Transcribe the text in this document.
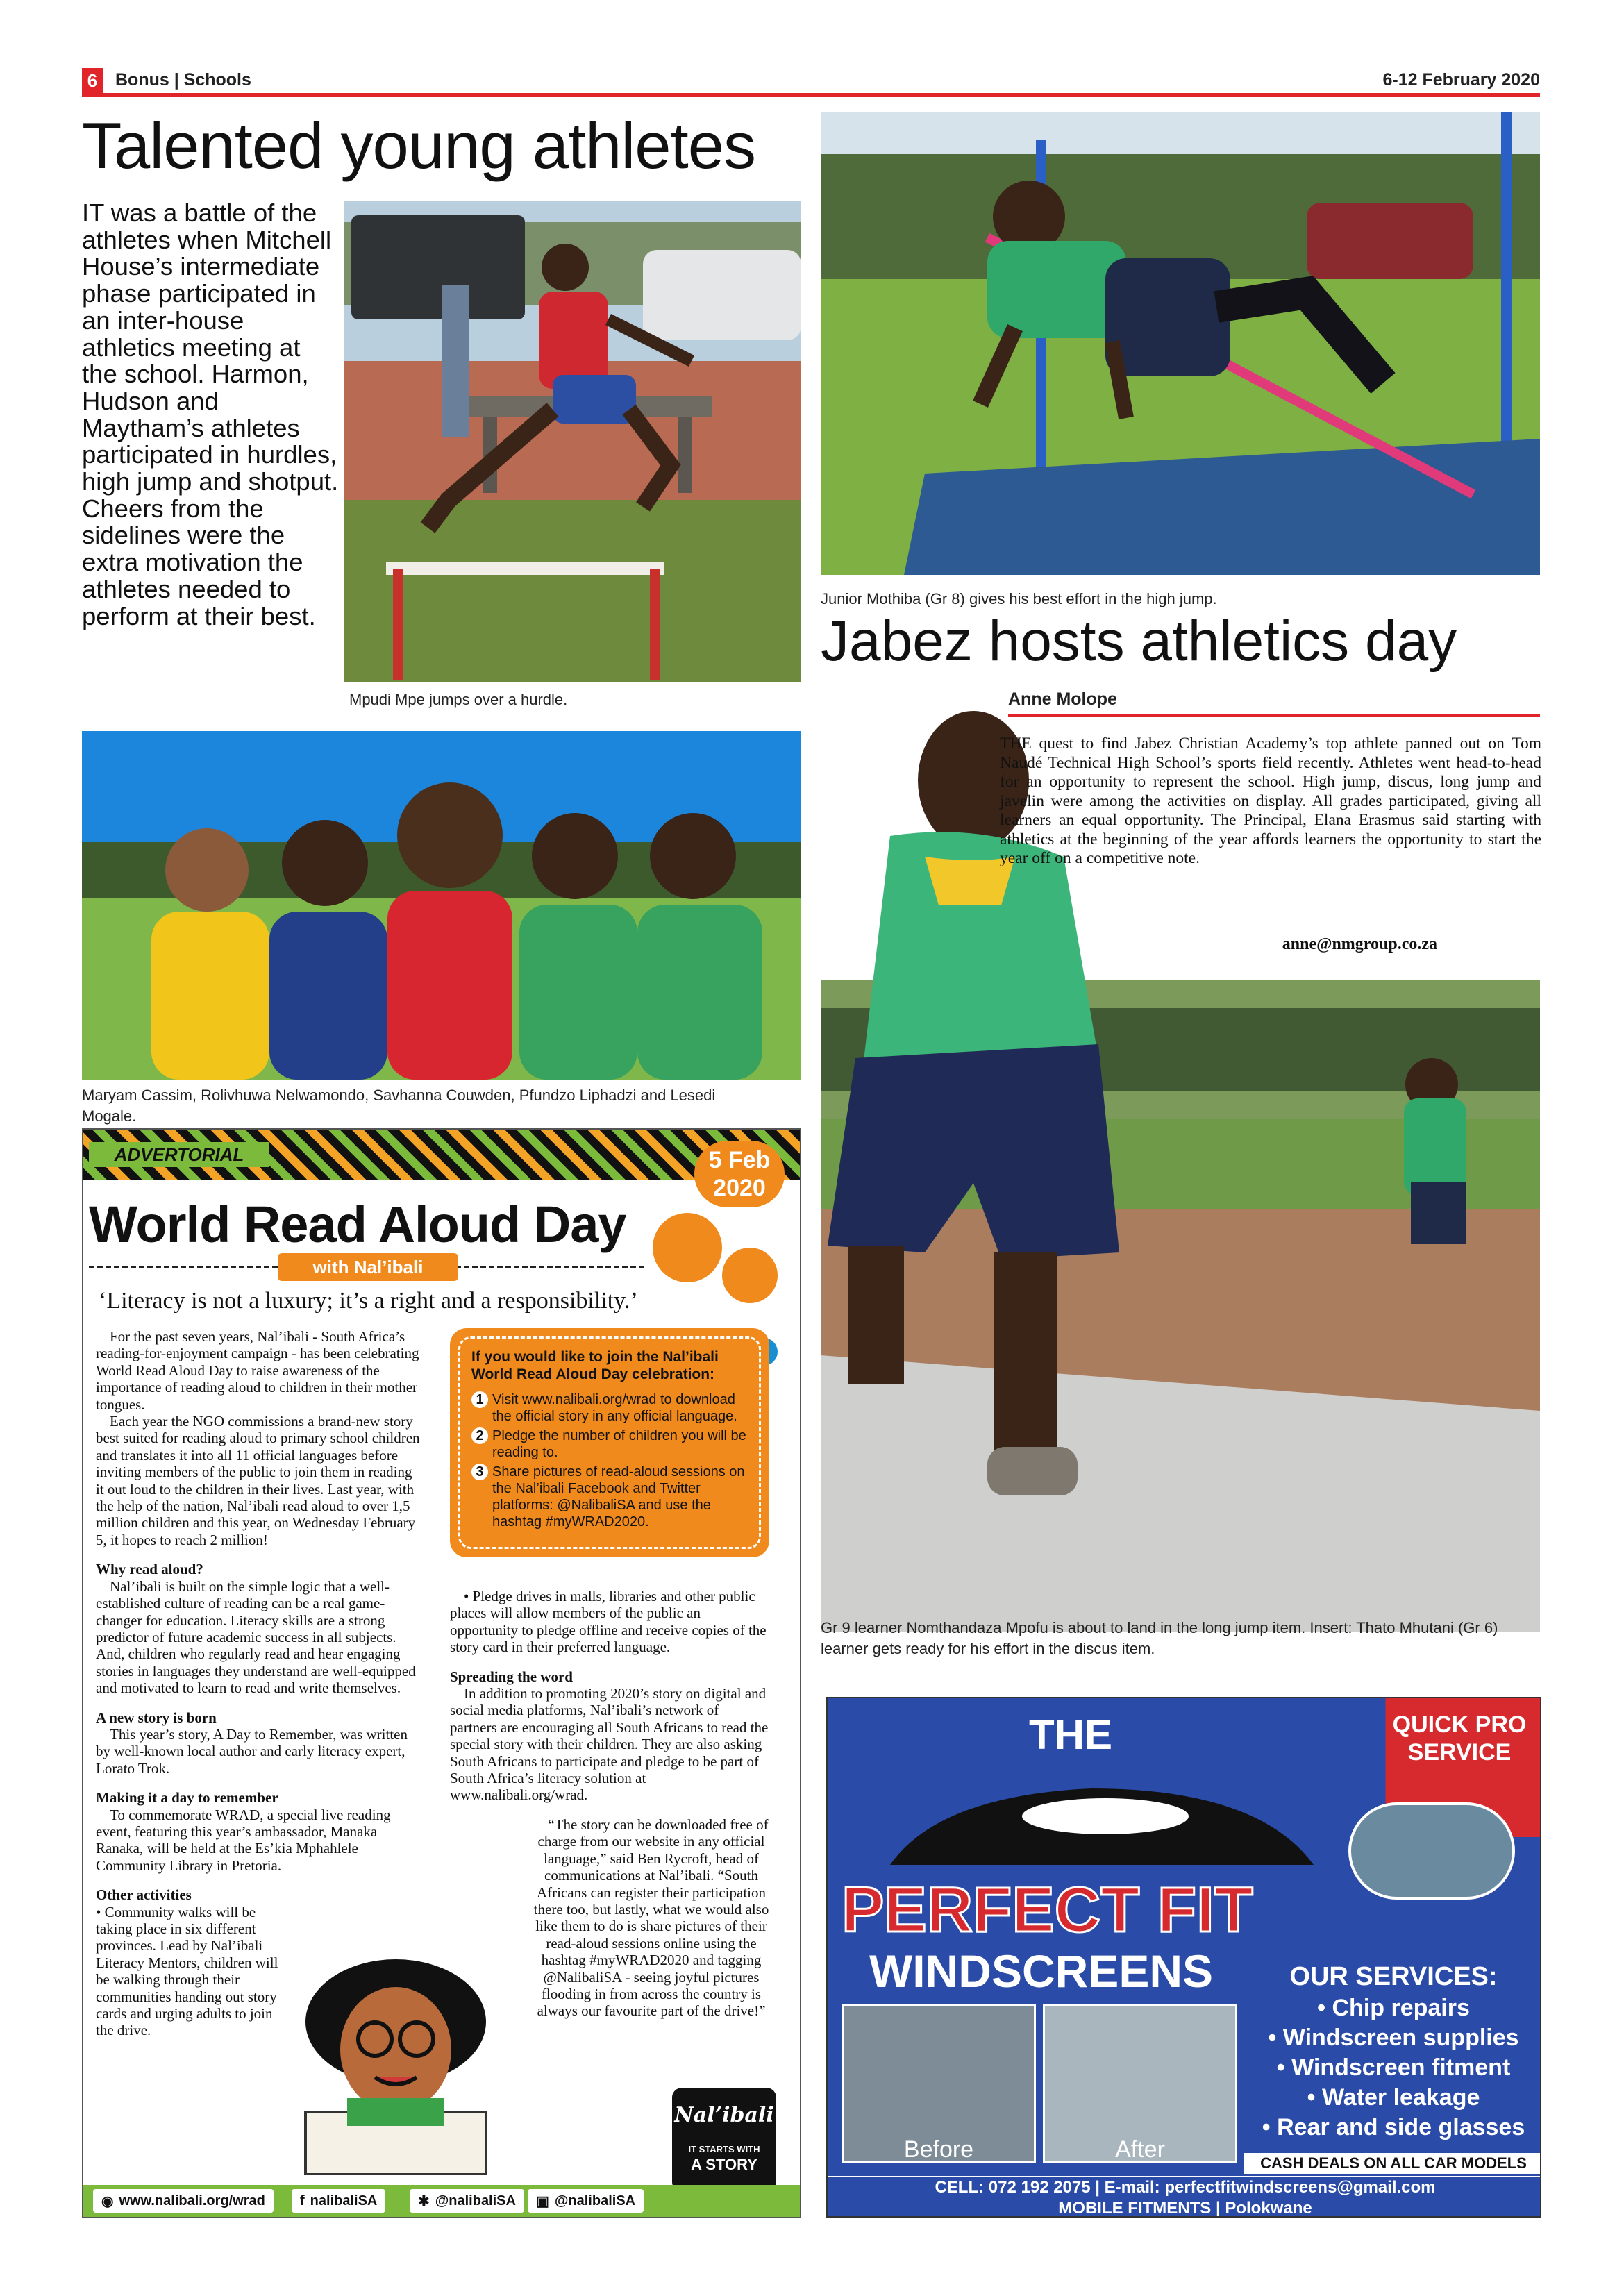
6	Bonus | Schools	6-12 February 2020
Talented young athletes
IT was a battle of the athletes when Mitchell House’s intermediate phase participated in an inter-house athletics meeting at the school. Harmon, Hudson and Maytham’s athletes participated in hurdles, high jump and shotput. Cheers from the sidelines were the extra motivation the athletes needed to perform at their best.
Mpudi Mpe jumps over a hurdle.
Junior Mothiba (Gr 8) gives his best effort in the high jump.
Maryam Cassim, Rolivhuwa Nelwamondo, Savhanna Couwden, Pfundzo Liphadzi and Lesedi Mogale.
Jabez hosts athletics day
Anne Molope
THE quest to find Jabez Christian Academy’s top athlete panned out on Tom Naudé Technical High School’s sports field recently. Athletes went head-to-head for an opportunity to represent the school. High jump, discus, long jump and javelin were among the activities on display. All grades participated, giving all learners an equal opportunity. The Principal, Elana Erasmus said starting with athletics at the beginning of the year affords learners the opportunity to start the year off on a competitive note.
anne@nmgroup.co.za
Gr 9 learner Nomthandaza Mpofu is about to land in the long jump item. Insert: Thato Mhutani (Gr 6) learner gets ready for his effort in the discus item.
ADVERTORIAL	5 Feb 2020
World Read Aloud Day
with Nal’ibali
‘Literacy is not a luxury; it’s a right and a responsibility.’

For the past seven years, Nal’ibali - South Africa’s reading-for-enjoyment campaign - has been celebrating World Read Aloud Day to raise awareness of the importance of reading aloud to children in their mother tongues.

Each year the NGO commissions a brand-new story best suited for reading aloud to primary school children and translates it into all 11 official languages before inviting members of the public to join them in reading it out loud to the children in their lives. Last year, with the help of the nation, Nal’ibali read aloud to over 1,5 million children and this year, on Wednesday February 5, it hopes to reach 2 million!

Why read aloud?

Nal’ibali is built on the simple logic that a well-established culture of reading can be a real game-changer for education. Literacy skills are a strong predictor of future academic success in all subjects. And, children who regularly read and hear engaging stories in languages they understand are well-equipped and motivated to learn to read and write themselves.

A new story is born

This year’s story, A Day to Remember, was written by well-known local author and early literacy expert, Lorato Trok.

Making it a day to remember

To commemorate WRAD, a special live reading event, featuring this year’s ambassador, Manaka Ranaka, will be held at the Es’kia Mphahlele Community Library in Pretoria.

Other activities

• Community walks will be taking place in six different provinces. Lead by Nal’ibali Literacy Mentors, children will be walking through their communities handing out story cards and urging adults to join the drive.

If you would like to join the Nal’ibali World Read Aloud Day celebration:
1 Visit www.nalibali.org/wrad to download the official story in any official language.
2 Pledge the number of children you will be reading to.
3 Share pictures of read-aloud sessions on the Nal’ibali Facebook and Twitter platforms: @NalibaliSA and use the hashtag #myWRAD2020.

• Pledge drives in malls, libraries and other public places will allow members of the public an opportunity to pledge offline and receive copies of the story card in their preferred language.

Spreading the word

In addition to promoting 2020’s story on digital and social media platforms, Nal’ibali’s network of partners are encouraging all South Africans to read the special story with their children. They are also asking South Africans to participate and pledge to be part of South Africa’s literacy solution at www.nalibali.org/wrad.

“The story can be downloaded free of charge from our website in any official language,” said Ben Rycroft, head of communications at Nal’ibali. “South Africans can register their participation there too, but lastly, what we would also like them to do is share pictures of their read-aloud sessions online using the hashtag #myWRAD2020 and tagging @NalibaliSA - seeing joyful pictures flooding in from across the country is always our favourite part of the drive!”

Nal’ibali
IT STARTS WITH
A STORY
◉ www.nalibali.org/wrad	f nalibaliSA	✱ @nalibaliSA ▣ @nalibaliSA
THE	QUICK PRO SERVICE
PERFECT FIT
WINDSCREENS
Before	After
OUR SERVICES:
• Chip repairs
• Windscreen supplies
• Windscreen fitment
• Water leakage
• Rear and side glasses
CASH DEALS ON ALL CAR MODELS
CELL: 072 192 2075 | E-mail: perfectfitwindscreens@gmail.com
MOBILE FITMENTS | Polokwane
